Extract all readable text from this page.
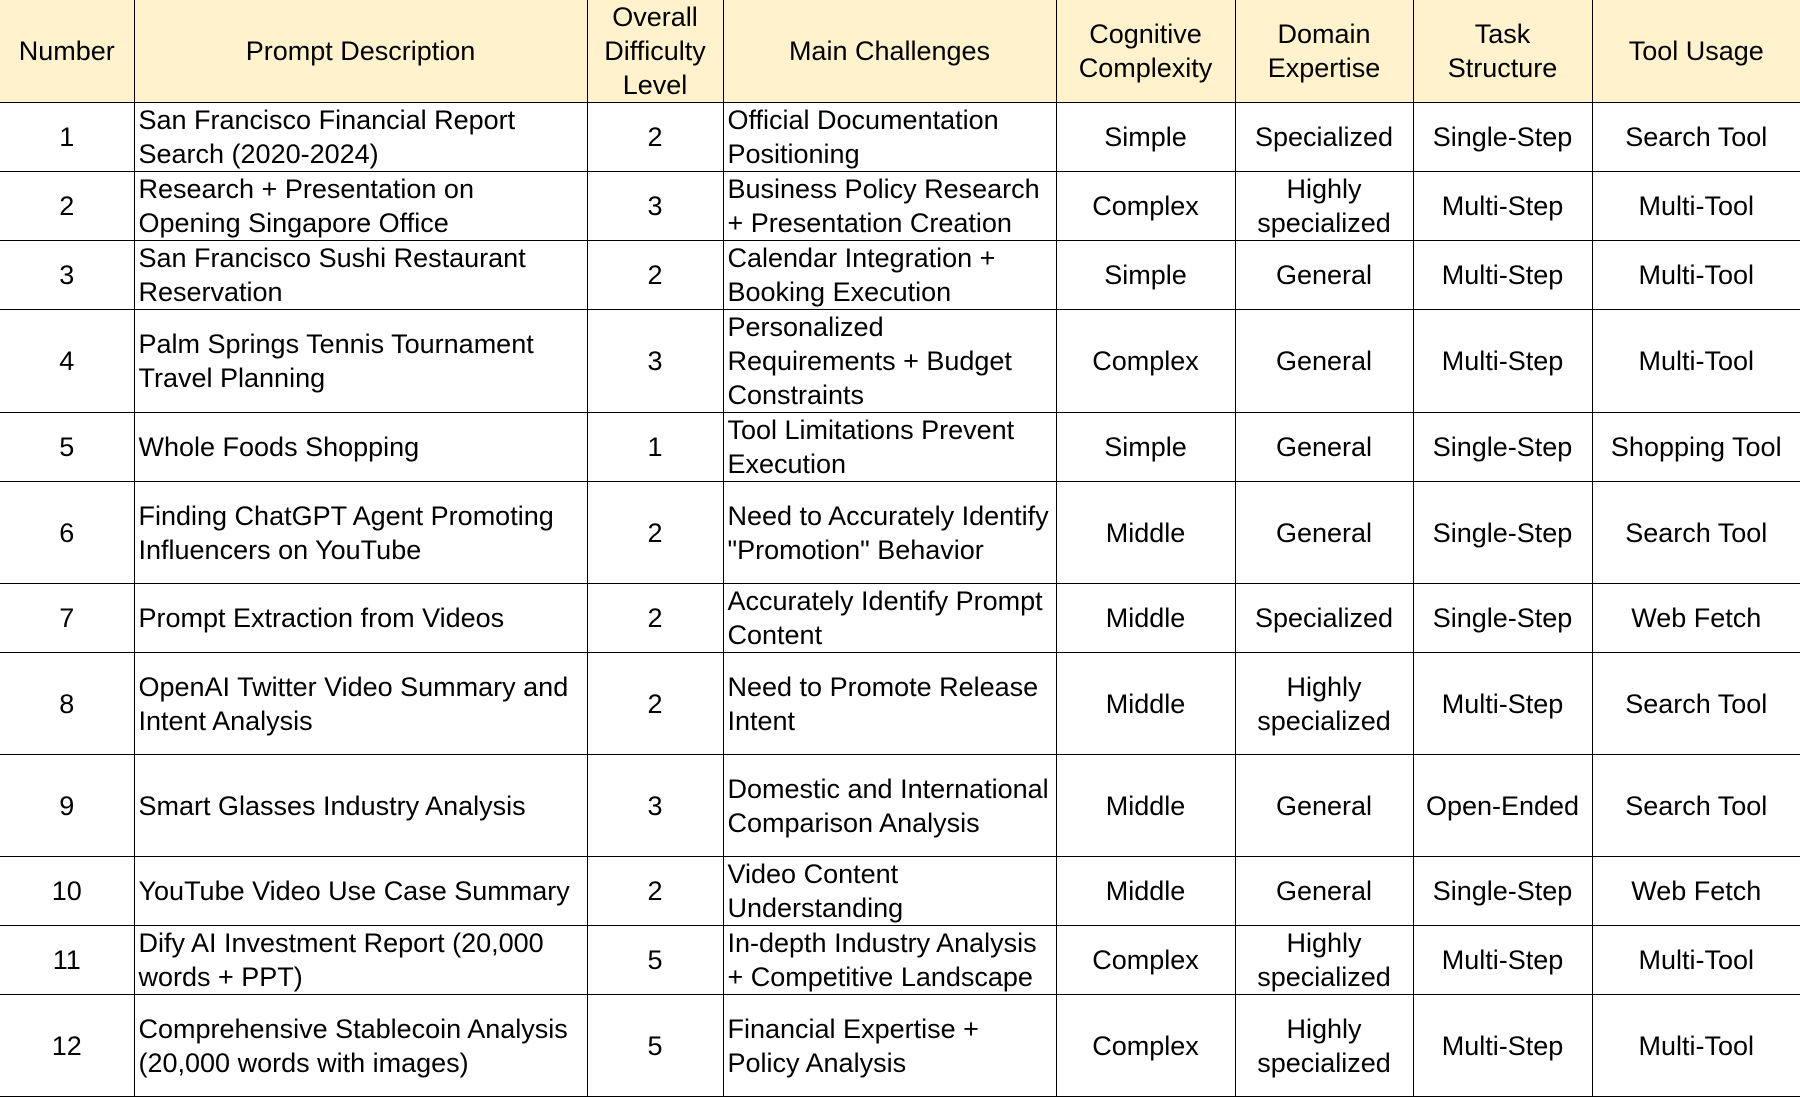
Number	Prompt Description	Overall Difficulty Level	Main Challenges	Cognitive Complexity	Domain Expertise	Task Structure	Tool Usage
1	San Francisco Financial Report Search (2020-2024)	2	Official Documentation Positioning	Simple	Specialized	Single-Step	Search Tool
2	Research + Presentation on Opening Singapore Office	3	Business Policy Research + Presentation Creation	Complex	Highly specialized	Multi-Step	Multi-Tool
3	San Francisco Sushi Restaurant Reservation	2	Calendar Integration + Booking Execution	Simple	General	Multi-Step	Multi-Tool
4	Palm Springs Tennis Tournament Travel Planning	3	Personalized Requirements + Budget Constraints	Complex	General	Multi-Step	Multi-Tool
5	Whole Foods Shopping	1	Tool Limitations Prevent Execution	Simple	General	Single-Step	Shopping Tool
6	Finding ChatGPT Agent Promoting Influencers on YouTube	2	Need to Accurately Identify "Promotion" Behavior	Middle	General	Single-Step	Search Tool
7	Prompt Extraction from Videos	2	Accurately Identify Prompt Content	Middle	Specialized	Single-Step	Web Fetch
8	OpenAI Twitter Video Summary and Intent Analysis	2	Need to Promote Release Intent	Middle	Highly specialized	Multi-Step	Search Tool
9	Smart Glasses Industry Analysis	3	Domestic and International Comparison Analysis	Middle	General	Open-Ended	Search Tool
10	YouTube Video Use Case Summary	2	Video Content Understanding	Middle	General	Single-Step	Web Fetch
11	Dify AI Investment Report (20,000 words + PPT)	5	In-depth Industry Analysis + Competitive Landscape	Complex	Highly specialized	Multi-Step	Multi-Tool
12	Comprehensive Stablecoin Analysis (20,000 words with images)	5	Financial Expertise + Policy Analysis	Complex	Highly specialized	Multi-Step	Multi-Tool
